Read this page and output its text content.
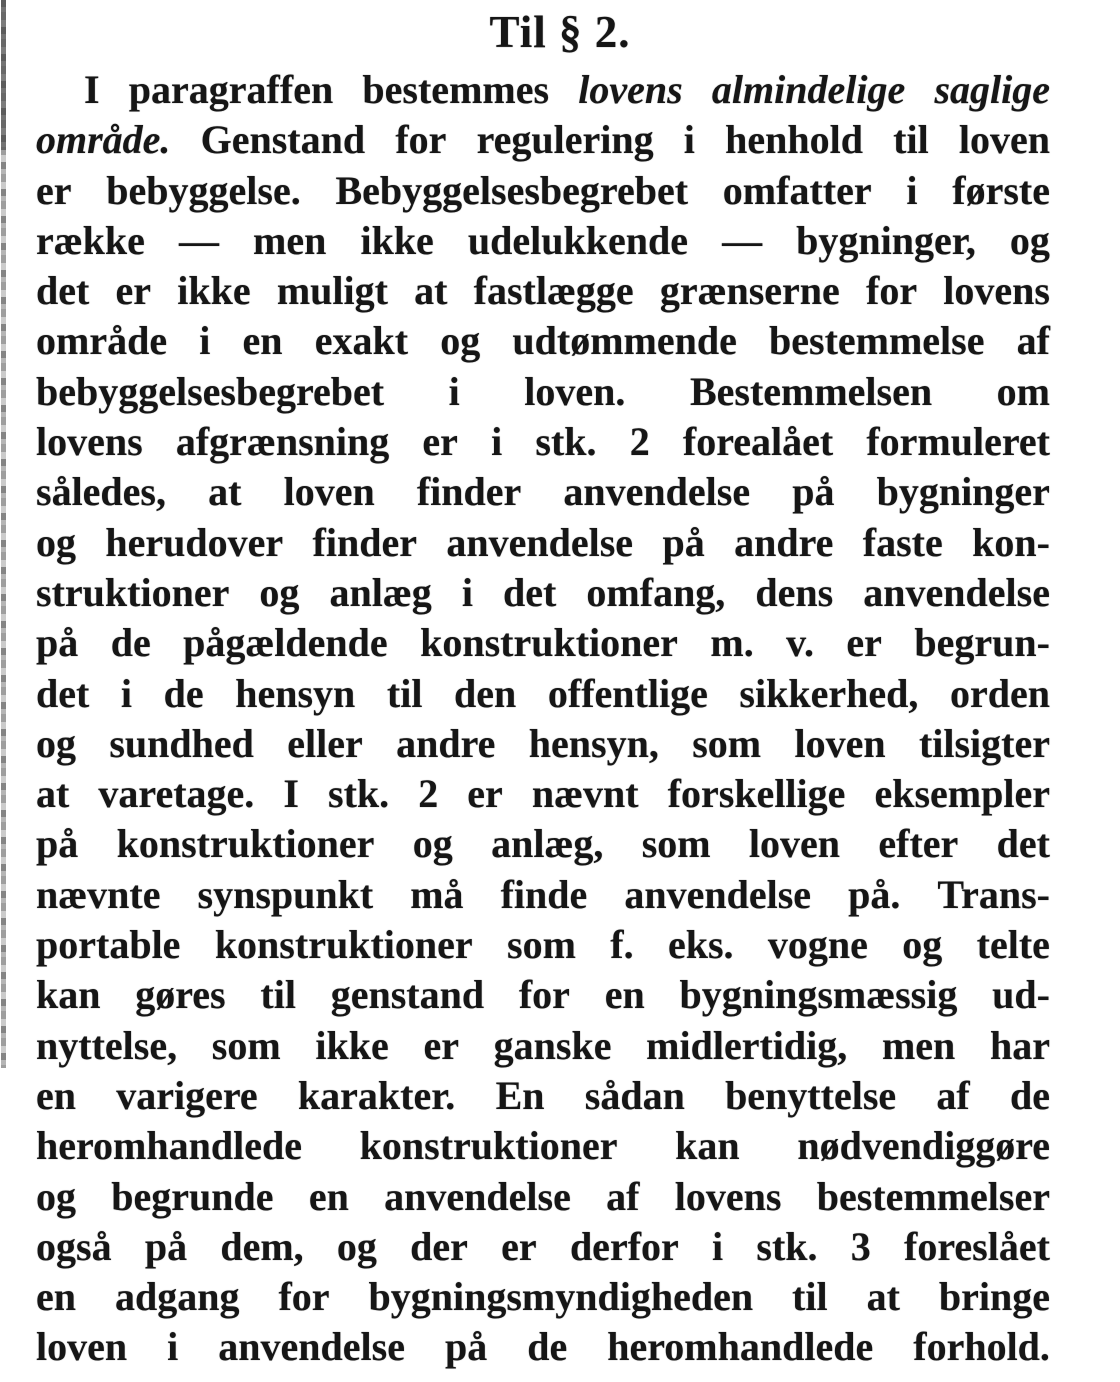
Til § 2.
I paragraffen bestemmes lovens almindelige saglige
område. Genstand for regulering i henhold til loven
er bebyggelse. Bebyggelsesbegrebet omfatter i første
række — men ikke udelukkende — bygninger, og
det er ikke muligt at fastlægge grænserne for lovens
område i en exakt og udtømmende bestemmelse af
bebyggelsesbegrebet i loven. Bestemmelsen om
lovens afgrænsning er i stk. 2 forealået formuleret
således, at loven finder anvendelse på bygninger
og herudover finder anvendelse på andre faste kon-
struktioner og anlæg i det omfang, dens anvendelse
på de pågældende konstruktioner m. v. er begrun-
det i de hensyn til den offentlige sikkerhed, orden
og sundhed eller andre hensyn, som loven tilsigter
at varetage. I stk. 2 er nævnt forskellige eksempler
på konstruktioner og anlæg, som loven efter det
nævnte synspunkt må finde anvendelse på. Trans-
portable konstruktioner som f. eks. vogne og telte
kan gøres til genstand for en bygningsmæssig ud-
nyttelse, som ikke er ganske midlertidig, men har
en varigere karakter. En sådan benyttelse af de
heromhandlede konstruktioner kan nødvendiggøre
og begrunde en anvendelse af lovens bestemmelser
også på dem, og der er derfor i stk. 3 foreslået
en adgang for bygningsmyndigheden til at bringe
loven i anvendelse på de heromhandlede forhold.
